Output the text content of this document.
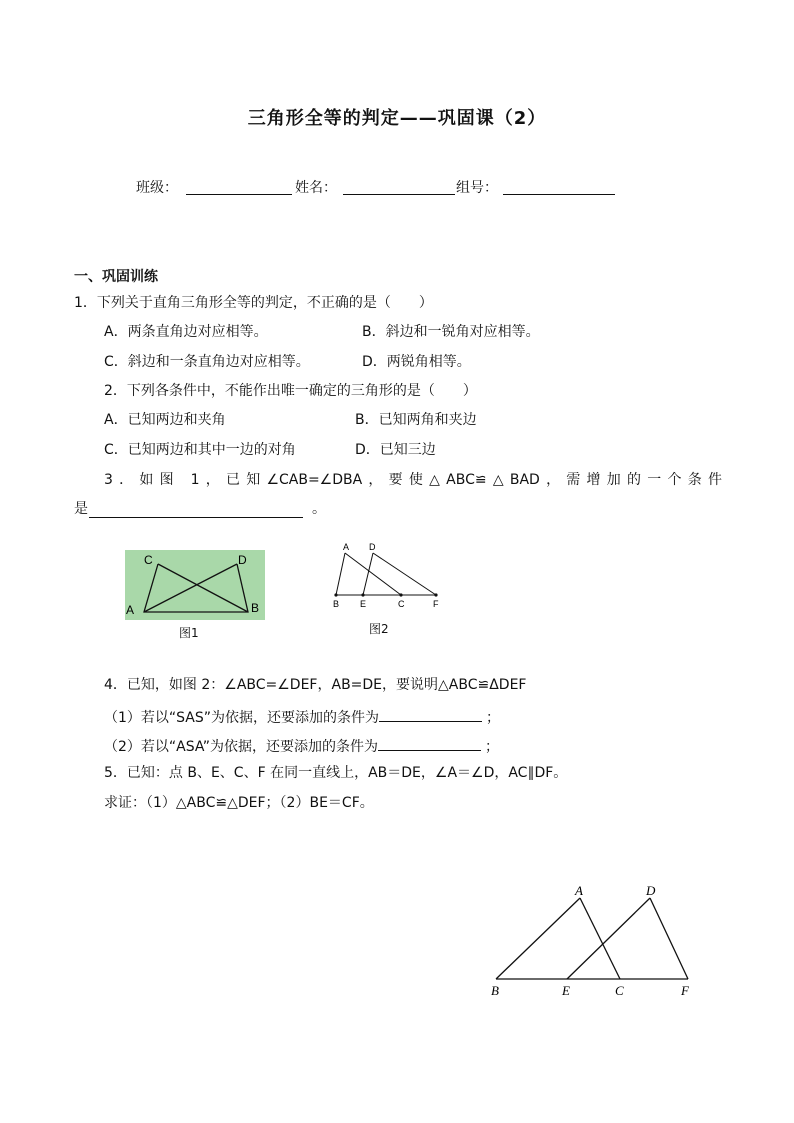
三角形全等的判定——巩固课（2）
班级：	姓名：	组号：
一、巩固训练
1．下列关于直角三角形全等的判定，不正确的是（　　）
A．两条直角边对应相等。	B．斜边和一锐角对应相等。
C．斜边和一条直角边对应相等。	D．两锐角相等。
2．下列各条件中，不能作出唯一确定的三角形的是（　　）
A．已知两边和夹角	B．已知两角和夹边
C．已知两边和其中一边的对角	D．已知三边
3．如图 1，已知∠CAB=∠DBA，要使△ABC≌△BAD，需增加的一个条件
是	。
C	D
A	B
图1
A D
B E	C	F
图2
4．已知，如图 2：∠ABC=∠DEF，AB=DE，要说明△ABC≌ΔDEF
（1）若以“SAS”为依据，还要添加的条件为	；
（2）若以“ASA”为依据，还要添加的条件为	；
5．已知：点 B、E、C、F 在同一直线上，AB＝DE，∠A＝∠D，AC∥DF。
求证：（1）△ABC≌△DEF；（2）BE＝CF。
A	D
B	E	C	F
